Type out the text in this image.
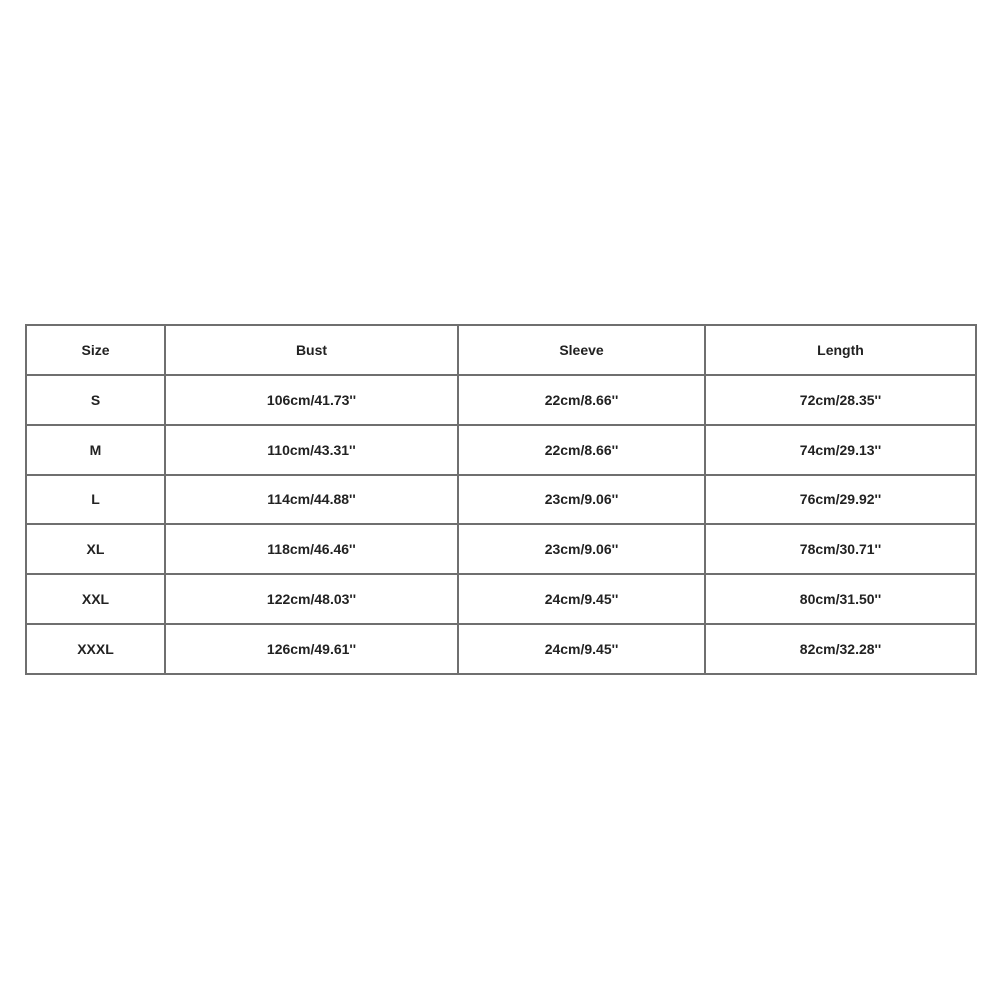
Size	Bust	Sleeve	Length
S	106cm/41.73''	22cm/8.66''	72cm/28.35''
M	110cm/43.31''	22cm/8.66''	74cm/29.13''
L	114cm/44.88''	23cm/9.06''	76cm/29.92''
XL	118cm/46.46''	23cm/9.06''	78cm/30.71''
XXL	122cm/48.03''	24cm/9.45''	80cm/31.50''
XXXL	126cm/49.61''	24cm/9.45''	82cm/32.28''
